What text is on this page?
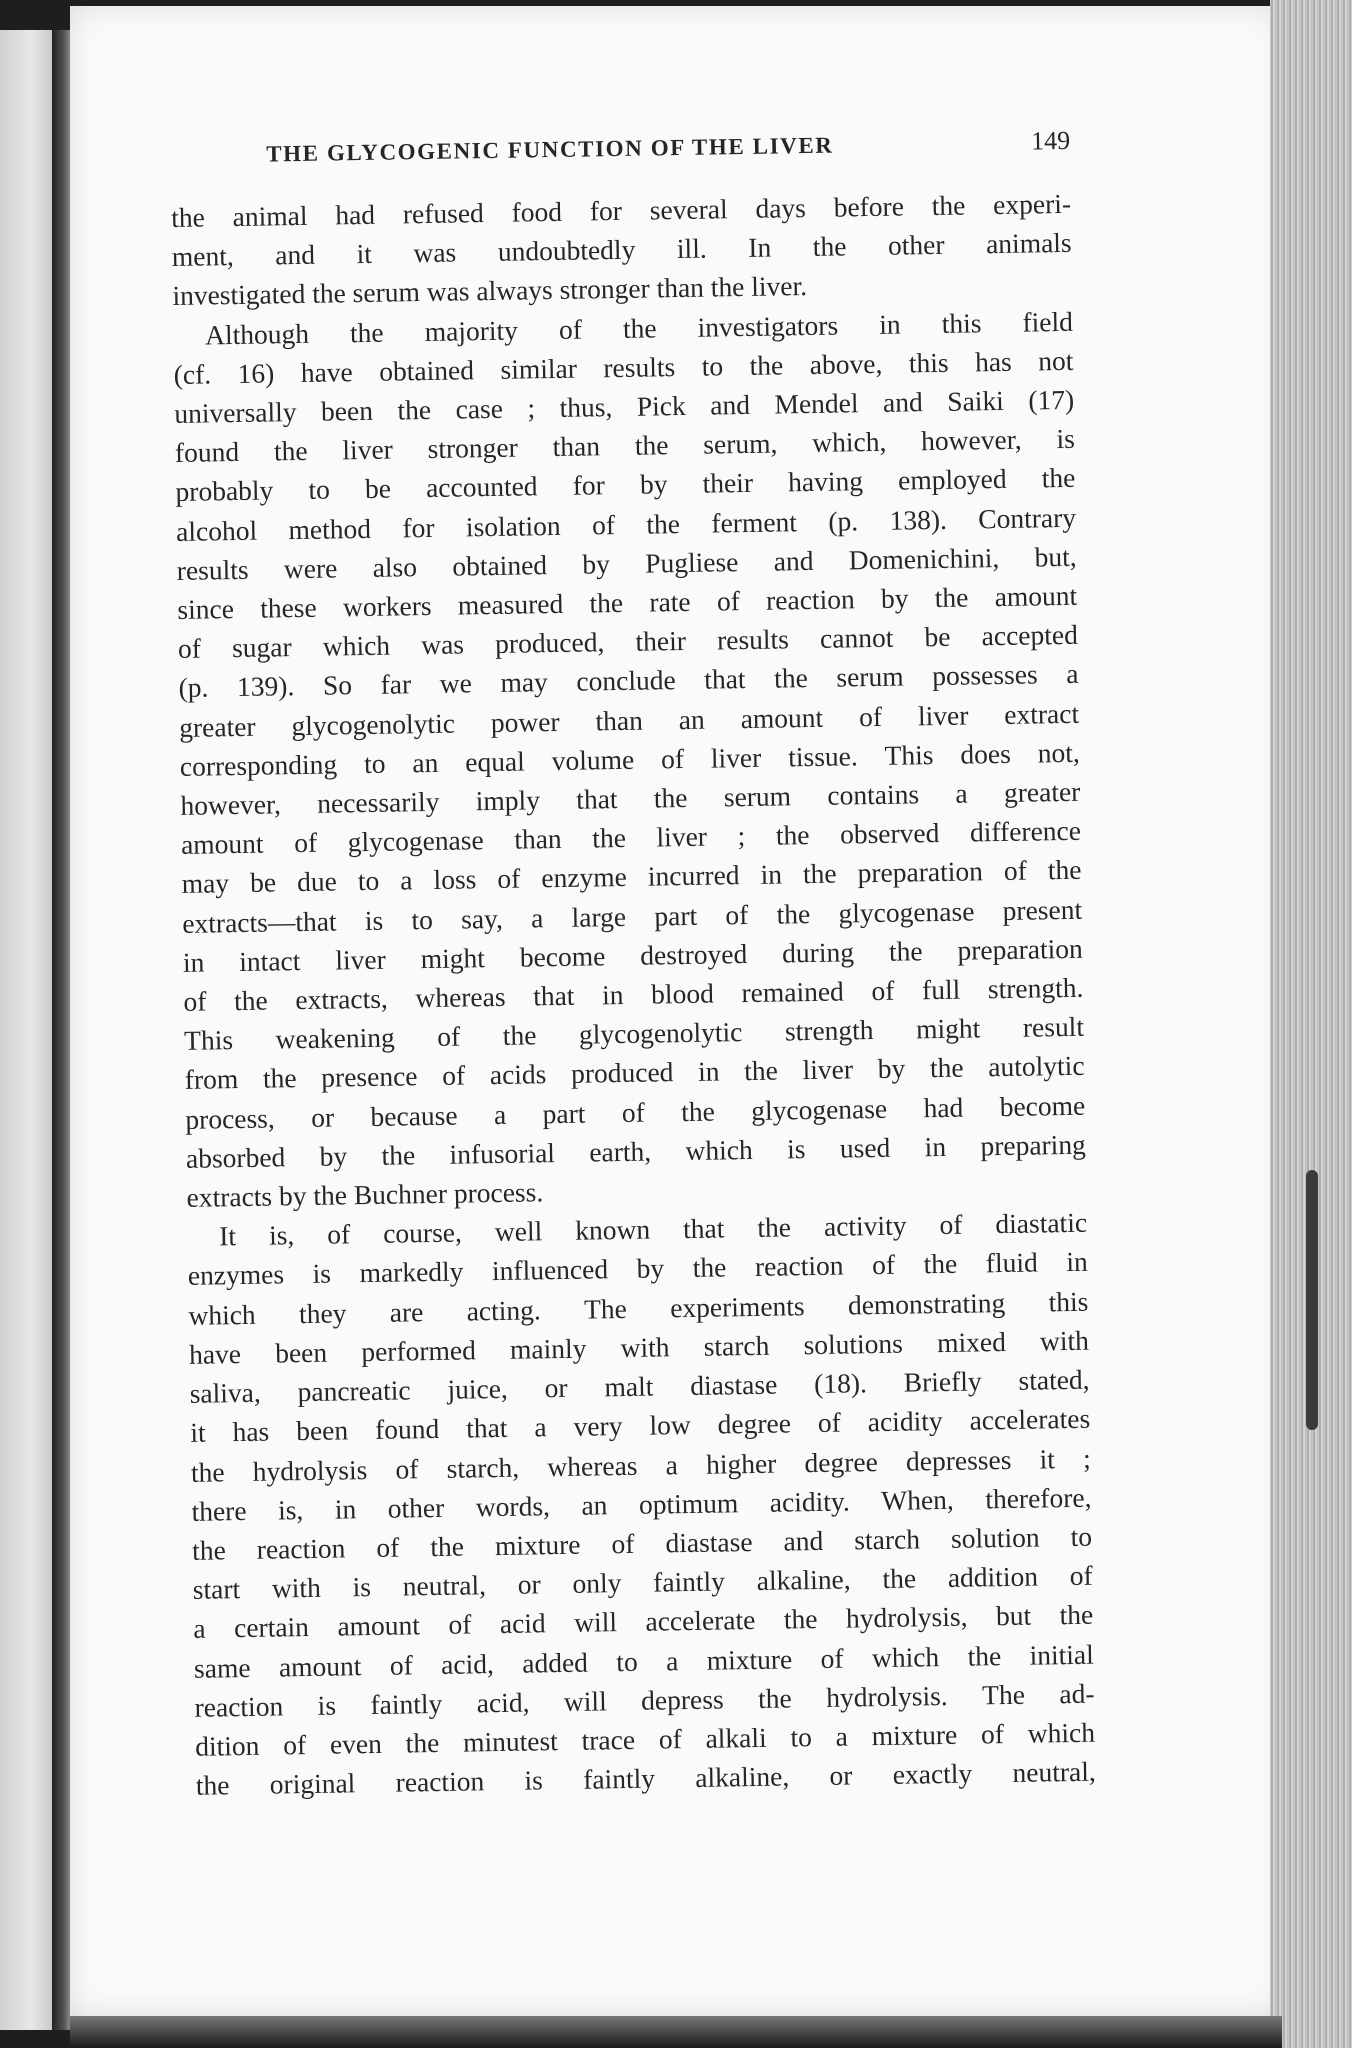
THE GLYCOGENIC FUNCTION OF THE LIVER	149
the animal had refused food for several days before the experi-
ment, and it was undoubtedly ill. In the other animals
investigated the serum was always stronger than the liver.
Although the majority of the investigators in this field
(cf. 16) have obtained similar results to the above, this has not
universally been the case ; thus, Pick and Mendel and Saiki (17)
found the liver stronger than the serum, which, however, is
probably to be accounted for by their having employed the
alcohol method for isolation of the ferment (p. 138). Contrary
results were also obtained by Pugliese and Domenichini, but,
since these workers measured the rate of reaction by the amount
of sugar which was produced, their results cannot be accepted
(p. 139). So far we may conclude that the serum possesses a
greater glycogenolytic power than an amount of liver extract
corresponding to an equal volume of liver tissue. This does not,
however, necessarily imply that the serum contains a greater
amount of glycogenase than the liver ; the observed difference
may be due to a loss of enzyme incurred in the preparation of the
extracts—that is to say, a large part of the glycogenase present
in intact liver might become destroyed during the preparation
of the extracts, whereas that in blood remained of full strength.
This weakening of the glycogenolytic strength might result
from the presence of acids produced in the liver by the autolytic
process, or because a part of the glycogenase had become
absorbed by the infusorial earth, which is used in preparing
extracts by the Buchner process.
It is, of course, well known that the activity of diastatic
enzymes is markedly influenced by the reaction of the fluid in
which they are acting. The experiments demonstrating this
have been performed mainly with starch solutions mixed with
saliva, pancreatic juice, or malt diastase (18). Briefly stated,
it has been found that a very low degree of acidity accelerates
the hydrolysis of starch, whereas a higher degree depresses it ;
there is, in other words, an optimum acidity. When, therefore,
the reaction of the mixture of diastase and starch solution to
start with is neutral, or only faintly alkaline, the addition of
a certain amount of acid will accelerate the hydrolysis, but the
same amount of acid, added to a mixture of which the initial
reaction is faintly acid, will depress the hydrolysis. The ad-
dition of even the minutest trace of alkali to a mixture of which
the original reaction is faintly alkaline, or exactly neutral,
